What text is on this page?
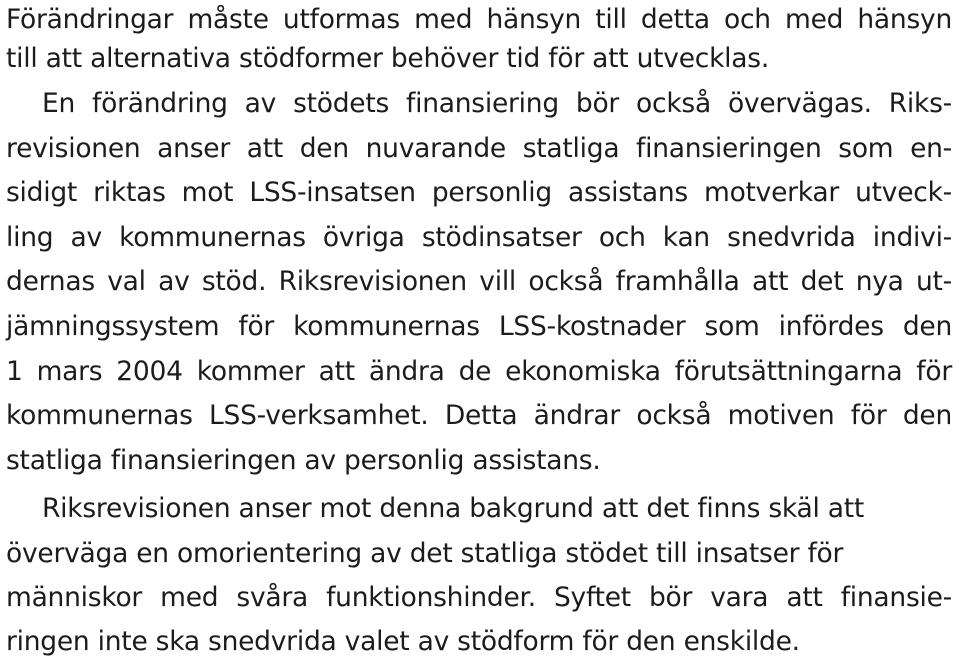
Förändringar måste utformas med hänsyn till detta och med hänsyn
till att alternativa stödformer behöver tid för att utvecklas.
En förändring av stödets finansiering bör också övervägas. Riks-
revisionen anser att den nuvarande statliga finansieringen som en-
sidigt riktas mot LSS-insatsen personlig assistans motverkar utveck-
ling av kommunernas övriga stödinsatser och kan snedvrida indivi-
dernas val av stöd. Riksrevisionen vill också framhålla att det nya ut-
jämningssystem för kommunernas LSS-kostnader som infördes den
1 mars 2004 kommer att ändra de ekonomiska förutsättningarna för
kommunernas LSS-verksamhet. Detta ändrar också motiven för den
statliga finansieringen av personlig assistans.
Riksrevisionen anser mot denna bakgrund att det finns skäl att
överväga en omorientering av det statliga stödet till insatser för
människor med svåra funktionshinder. Syftet bör vara att finansie-
ringen inte ska snedvrida valet av stödform för den enskilde.
